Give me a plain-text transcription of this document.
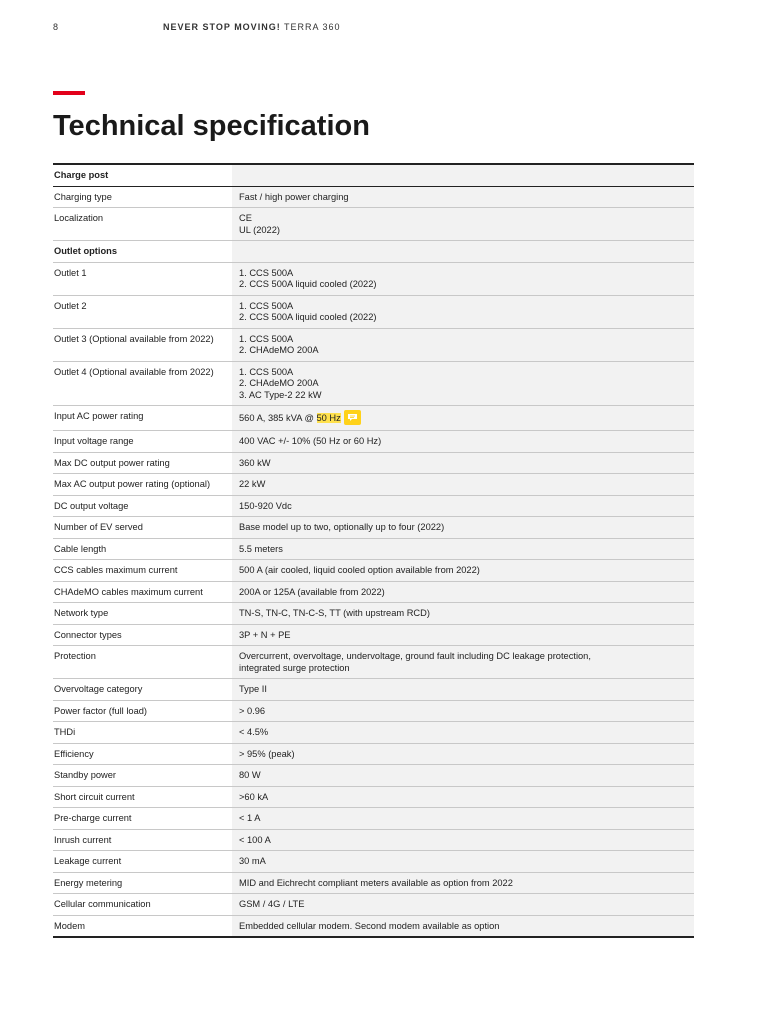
8	NEVER STOP MOVING! TERRA 360
Technical specification
Charge post	
Charging type	Fast / high power charging

Localization	CE
UL (2022)

Outlet options	
Outlet 1	1. CCS 500A
2. CCS 500A liquid cooled (2022)

Outlet 2	1. CCS 500A
2. CCS 500A liquid cooled (2022)

Outlet 3 (Optional available from 2022)	1. CCS 500A
2. CHAdeMO 200A

Outlet 4 (Optional available from 2022)	1. CCS 500A
2. CHAdeMO 200A
3. AC Type-2 22 kW

Input AC power rating	560 A, 385 kVA @ 50 Hz

Input voltage range	400 VAC +/- 10% (50 Hz or 60 Hz)

Max DC output power rating	360 kW

Max AC output power rating (optional)	22 kW

DC output voltage	150-920 Vdc

Number of EV served	Base model up to two, optionally up to four (2022)

Cable length	5.5 meters

CCS cables maximum current	500 A (air cooled, liquid cooled option available from 2022)

CHAdeMO cables maximum current	200A or 125A (available from 2022)

Network type	TN-S, TN-C, TN-C-S, TT (with upstream RCD)

Connector types	3P + N + PE

Protection	Overcurrent, overvoltage, undervoltage, ground fault including DC leakage protection,
integrated surge protection

Overvoltage category	Type II

Power factor (full load)	> 0.96

THDi	< 4.5%

Efficiency	> 95% (peak)

Standby power	80 W

Short circuit current	>60 kA

Pre-charge current	< 1 A

Inrush current	< 100 A

Leakage current	30 mA

Energy metering	MID and Eichrecht compliant meters available as option from 2022

Cellular communication	GSM / 4G / LTE

Modem	Embedded cellular modem. Second modem available as option
